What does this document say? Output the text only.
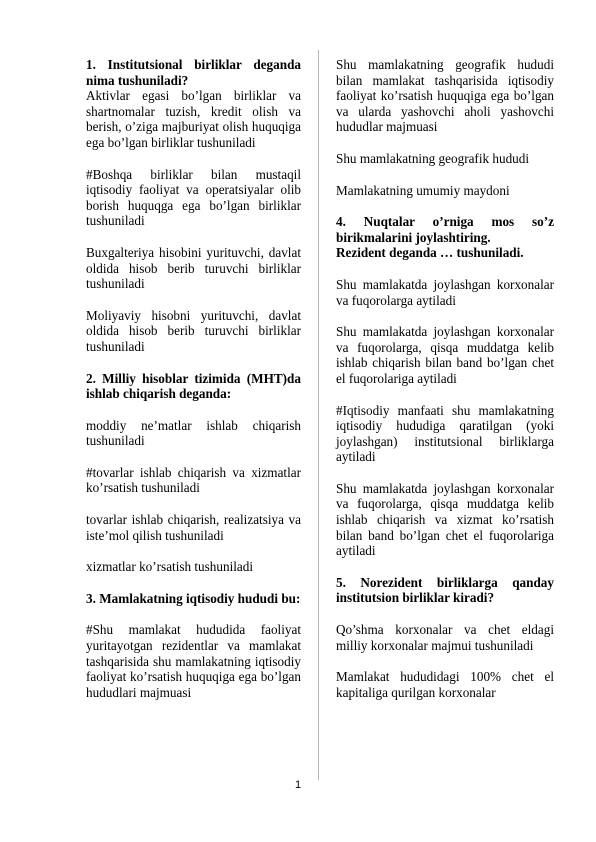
1. Institutsional birliklar deganda nima tushuniladi?
Aktivlar egasi bo’lgan birliklar va shartnomalar tuzish, kredit olish va berish, o’ziga majburiyat olish huquqiga ega bo’lgan birliklar tushuniladi
#Boshqa birliklar bilan mustaqil iqtisodiy faoliyat va operatsiyalar olib borish huquqga ega bo’lgan birliklar tushuniladi
Buxgalteriya hisobini yurituvchi, davlat oldida hisob berib turuvchi birliklar tushuniladi
Moliyaviy hisobni yurituvchi, davlat oldida hisob berib turuvchi birliklar tushuniladi
2. Milliy hisoblar tizimida (MHT)da ishlab chiqarish deganda:
moddiy ne’matlar ishlab chiqarish tushuniladi
#tovarlar ishlab chiqarish va xizmatlar ko’rsatish tushuniladi
tovarlar ishlab chiqarish, realizatsiya va iste’mol qilish tushuniladi
xizmatlar ko’rsatish tushuniladi
3. Mamlakatning iqtisodiy hududi bu:
#Shu mamlakat hududida faoliyat yuritayotgan rezidentlar va mamlakat tashqarisida shu mamlakatning iqtisodiy faoliyat ko’rsatish huquqiga ega bo’lgan hududlari majmuasi
Shu mamlakatning geografik hududi bilan mamlakat tashqarisida iqtisodiy faoliyat ko’rsatish huquqiga ega bo’lgan va ularda yashovchi aholi yashovchi hududlar majmuasi
Shu mamlakatning geografik hududi
Mamlakatning umumiy maydoni
4. Nuqtalar o’rniga mos so’z birikmalarini joylashtiring.
Rezident deganda … tushuniladi.
Shu mamlakatda joylashgan korxonalar va fuqorolarga aytiladi
Shu mamlakatda joylashgan korxonalar va fuqorolarga, qisqa muddatga kelib ishlab chiqarish bilan band bo’lgan chet el fuqorolariga aytiladi
#Iqtisodiy manfaati shu mamlakatning iqtisodiy hududiga qaratilgan (yoki joylashgan) institutsional birliklarga aytiladi
Shu mamlakatda joylashgan korxonalar va fuqorolarga, qisqa muddatga kelib ishlab chiqarish va xizmat ko’rsatish bilan band bo’lgan chet el fuqorolariga aytiladi
5. Norezident birliklarga qanday institutsion birliklar kiradi?
Qo’shma korxonalar va chet eldagi milliy korxonalar majmui tushuniladi
Mamlakat hududidagi 100% chet el kapitaliga qurilgan korxonalar
1
